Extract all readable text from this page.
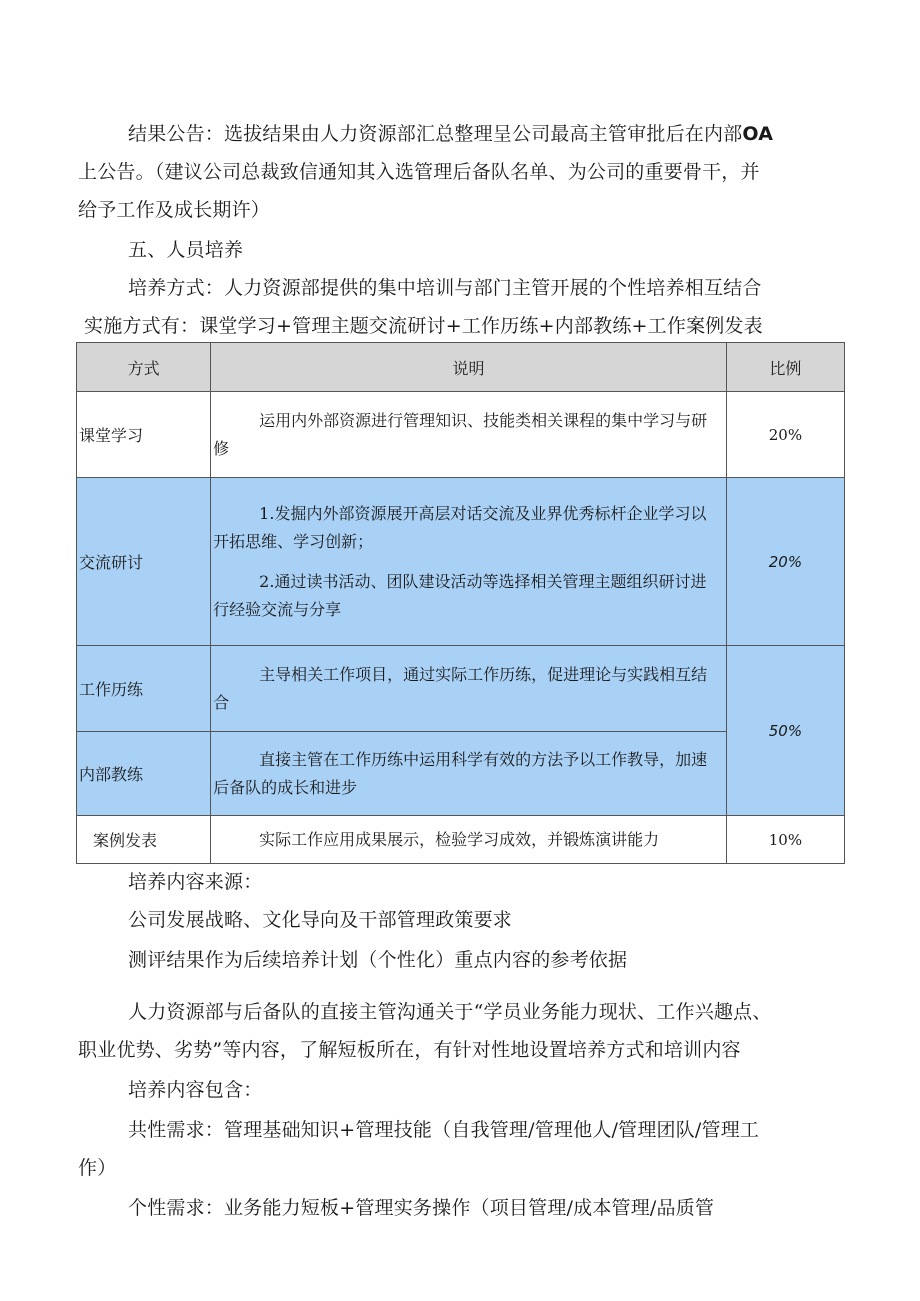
结果公告：选拔结果由人力资源部汇总整理呈公司最高主管审批后在内部OA
上公告。（建议公司总裁致信通知其入选管理后备队名单、为公司的重要骨干，并
给予工作及成长期许）
五、人员培养
培养方式：人力资源部提供的集中培训与部门主管开展的个性培养相互结合
实施方式有：课堂学习+管理主题交流研讨+工作历练+内部教练+工作案例发表
方式	说明	比例
课堂学习	运用内外部资源进行管理知识、技能类相关课程的集中学习与研修	20%
交流研讨	1.发掘内外部资源展开高层对话交流及业界优秀标杆企业学习以开拓思维、学习创新；

2.通过读书活动、团队建设活动等选择相关管理主题组织研讨进行经验交流与分享	20%
工作历练	主导相关工作项目，通过实际工作历练，促进理论与实践相互结合	50%
内部教练	直接主管在工作历练中运用科学有效的方法予以工作教导，加速后备队的成长和进步	

案例发表	实际工作应用成果展示，检验学习成效，并锻炼演讲能力	10%
培养内容来源：
公司发展战略、文化导向及干部管理政策要求
测评结果作为后续培养计划（个性化）重点内容的参考依据
人力资源部与后备队的直接主管沟通关于“学员业务能力现状、工作兴趣点、
职业优势、劣势”等内容，了解短板所在，有针对性地设置培养方式和培训内容
培养内容包含：
共性需求：管理基础知识+管理技能（自我管理/管理他人/管理团队/管理工
作）
个性需求：业务能力短板+管理实务操作（项目管理/成本管理/品质管
